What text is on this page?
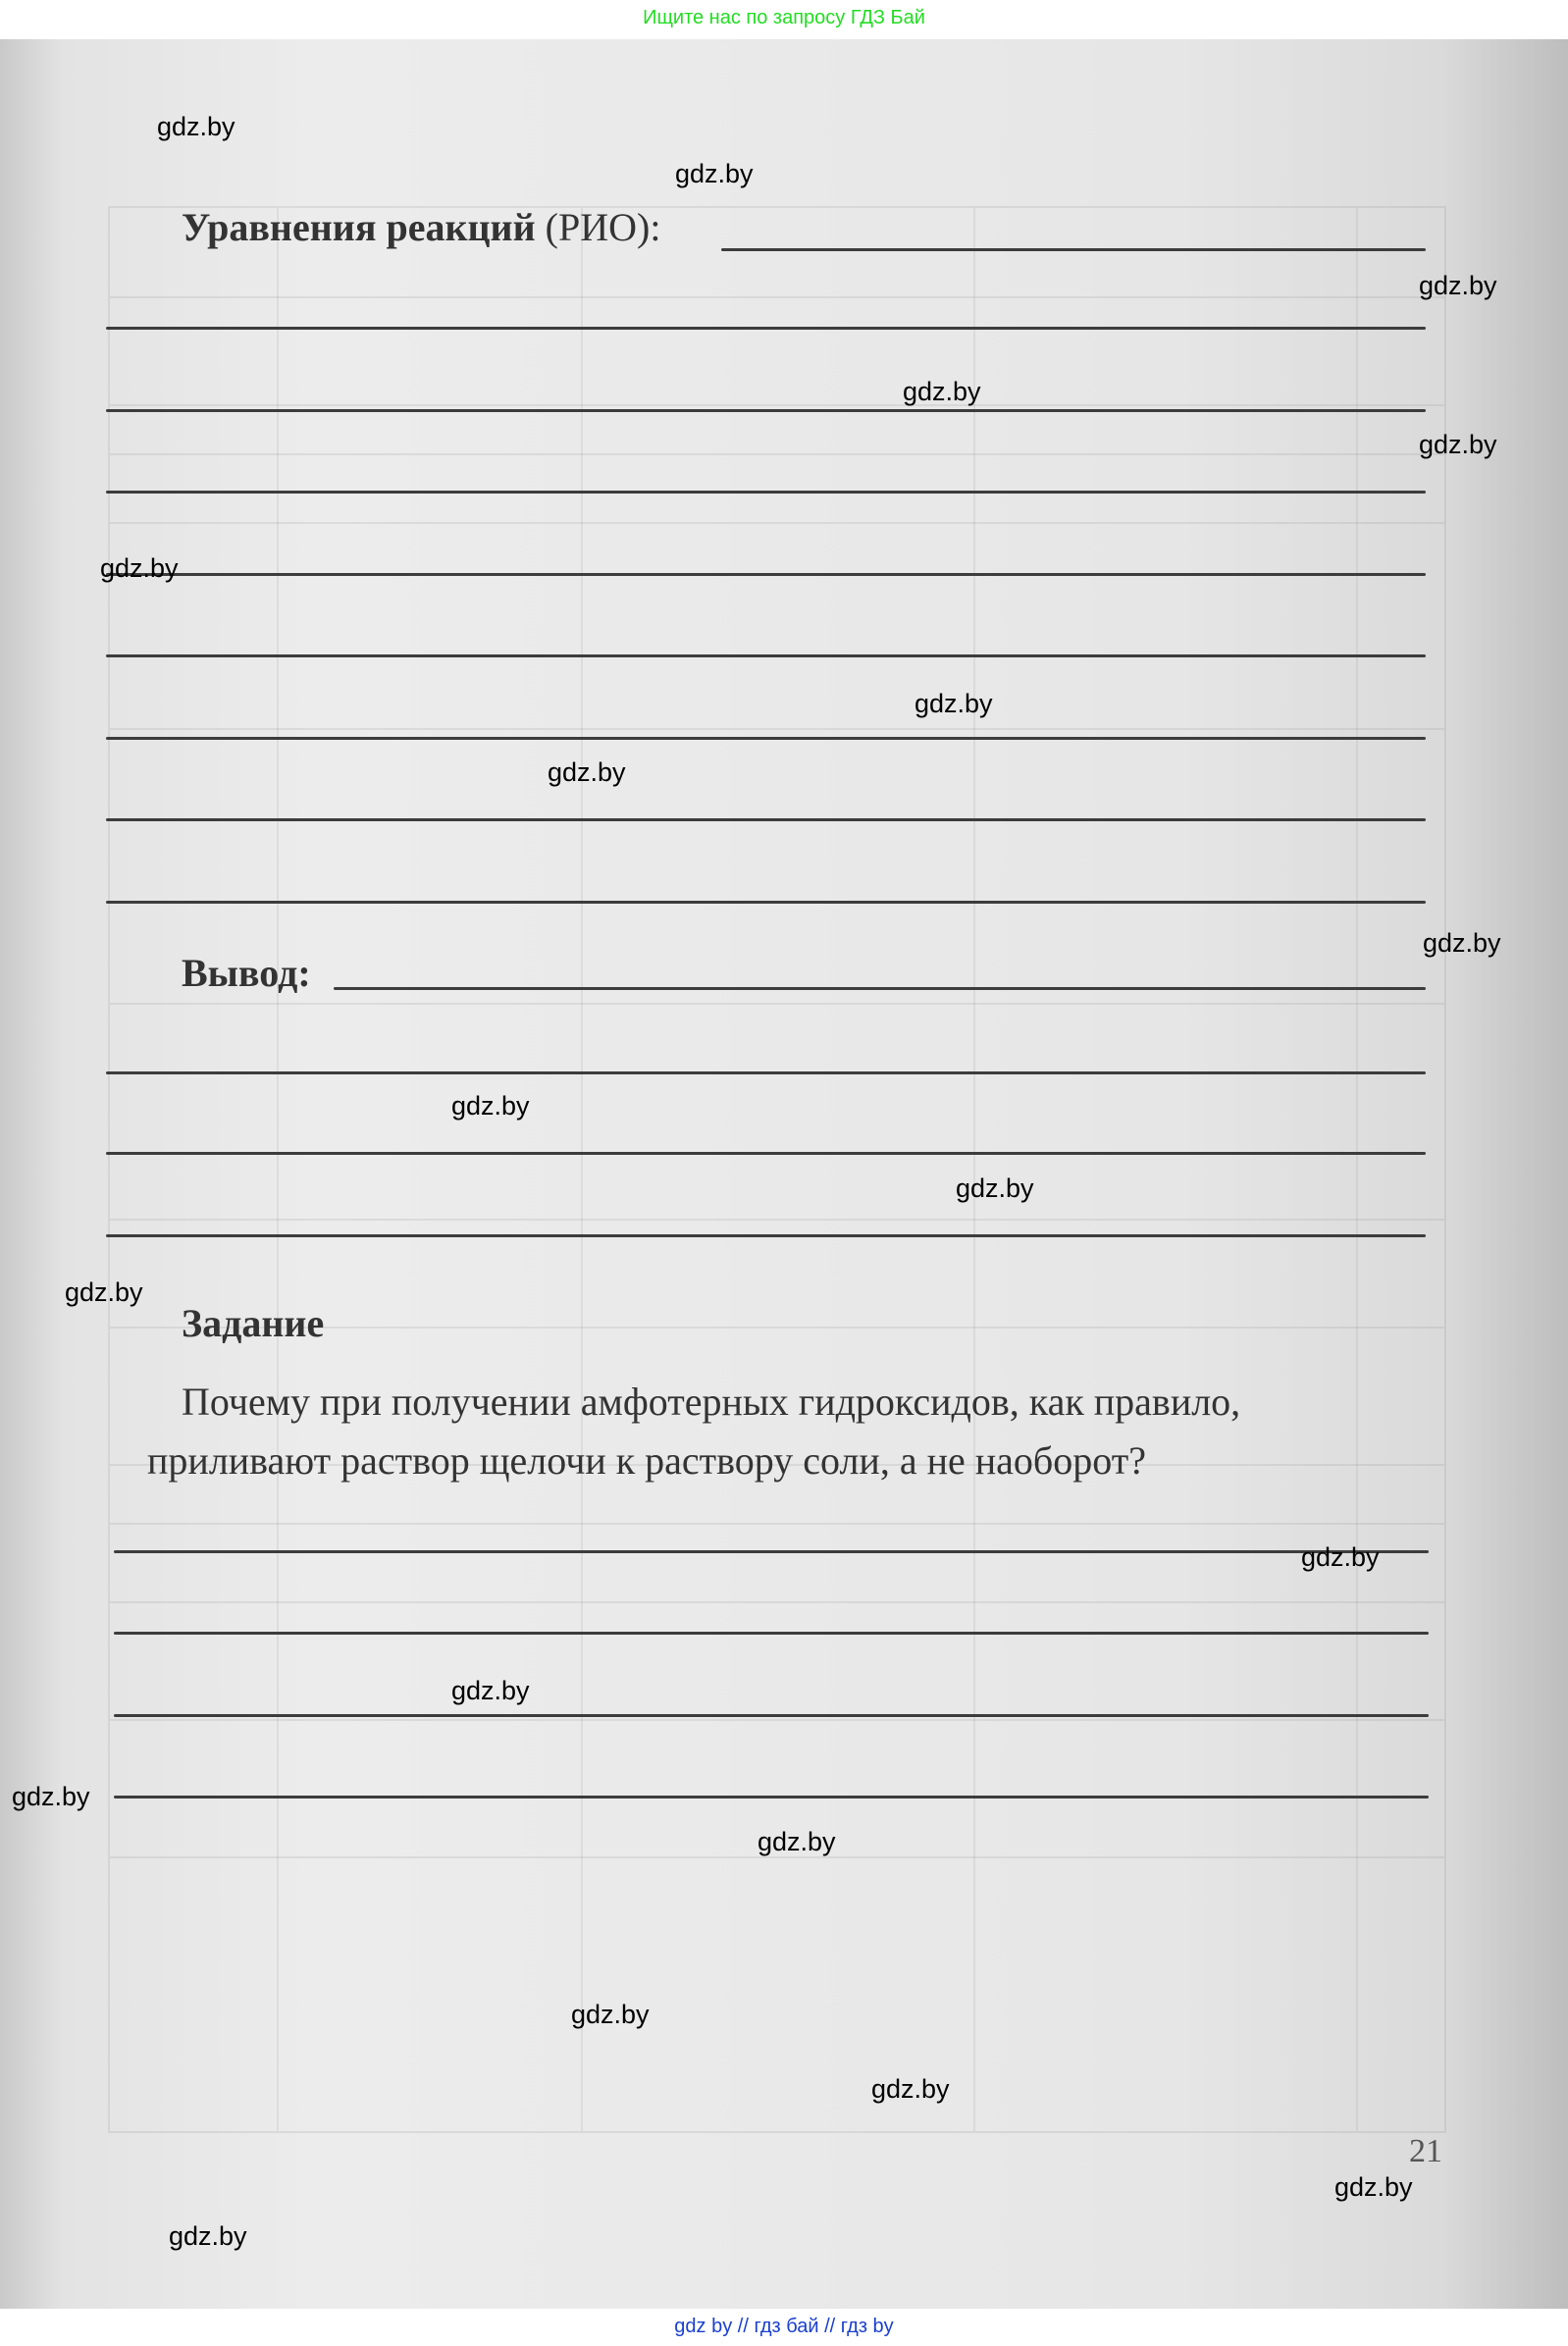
Ищите нас по запросу ГДЗ Бай
Уравнения реакций (РИО):
Вывод:
Задание
Почему при получении амфотерных гидроксидов, как правило,
приливают раствор щелочи к раствору соли, а не наоборот?
21
gdz.by
gdz.by
gdz.by
gdz.by
gdz.by
gdz.by
gdz.by
gdz.by
gdz.by
gdz.by
gdz.by
gdz.by
gdz.by
gdz.by
gdz.by
gdz.by
gdz.by
gdz.by
gdz.by
gdz.by
gdz by // гдз бай // гдз by
